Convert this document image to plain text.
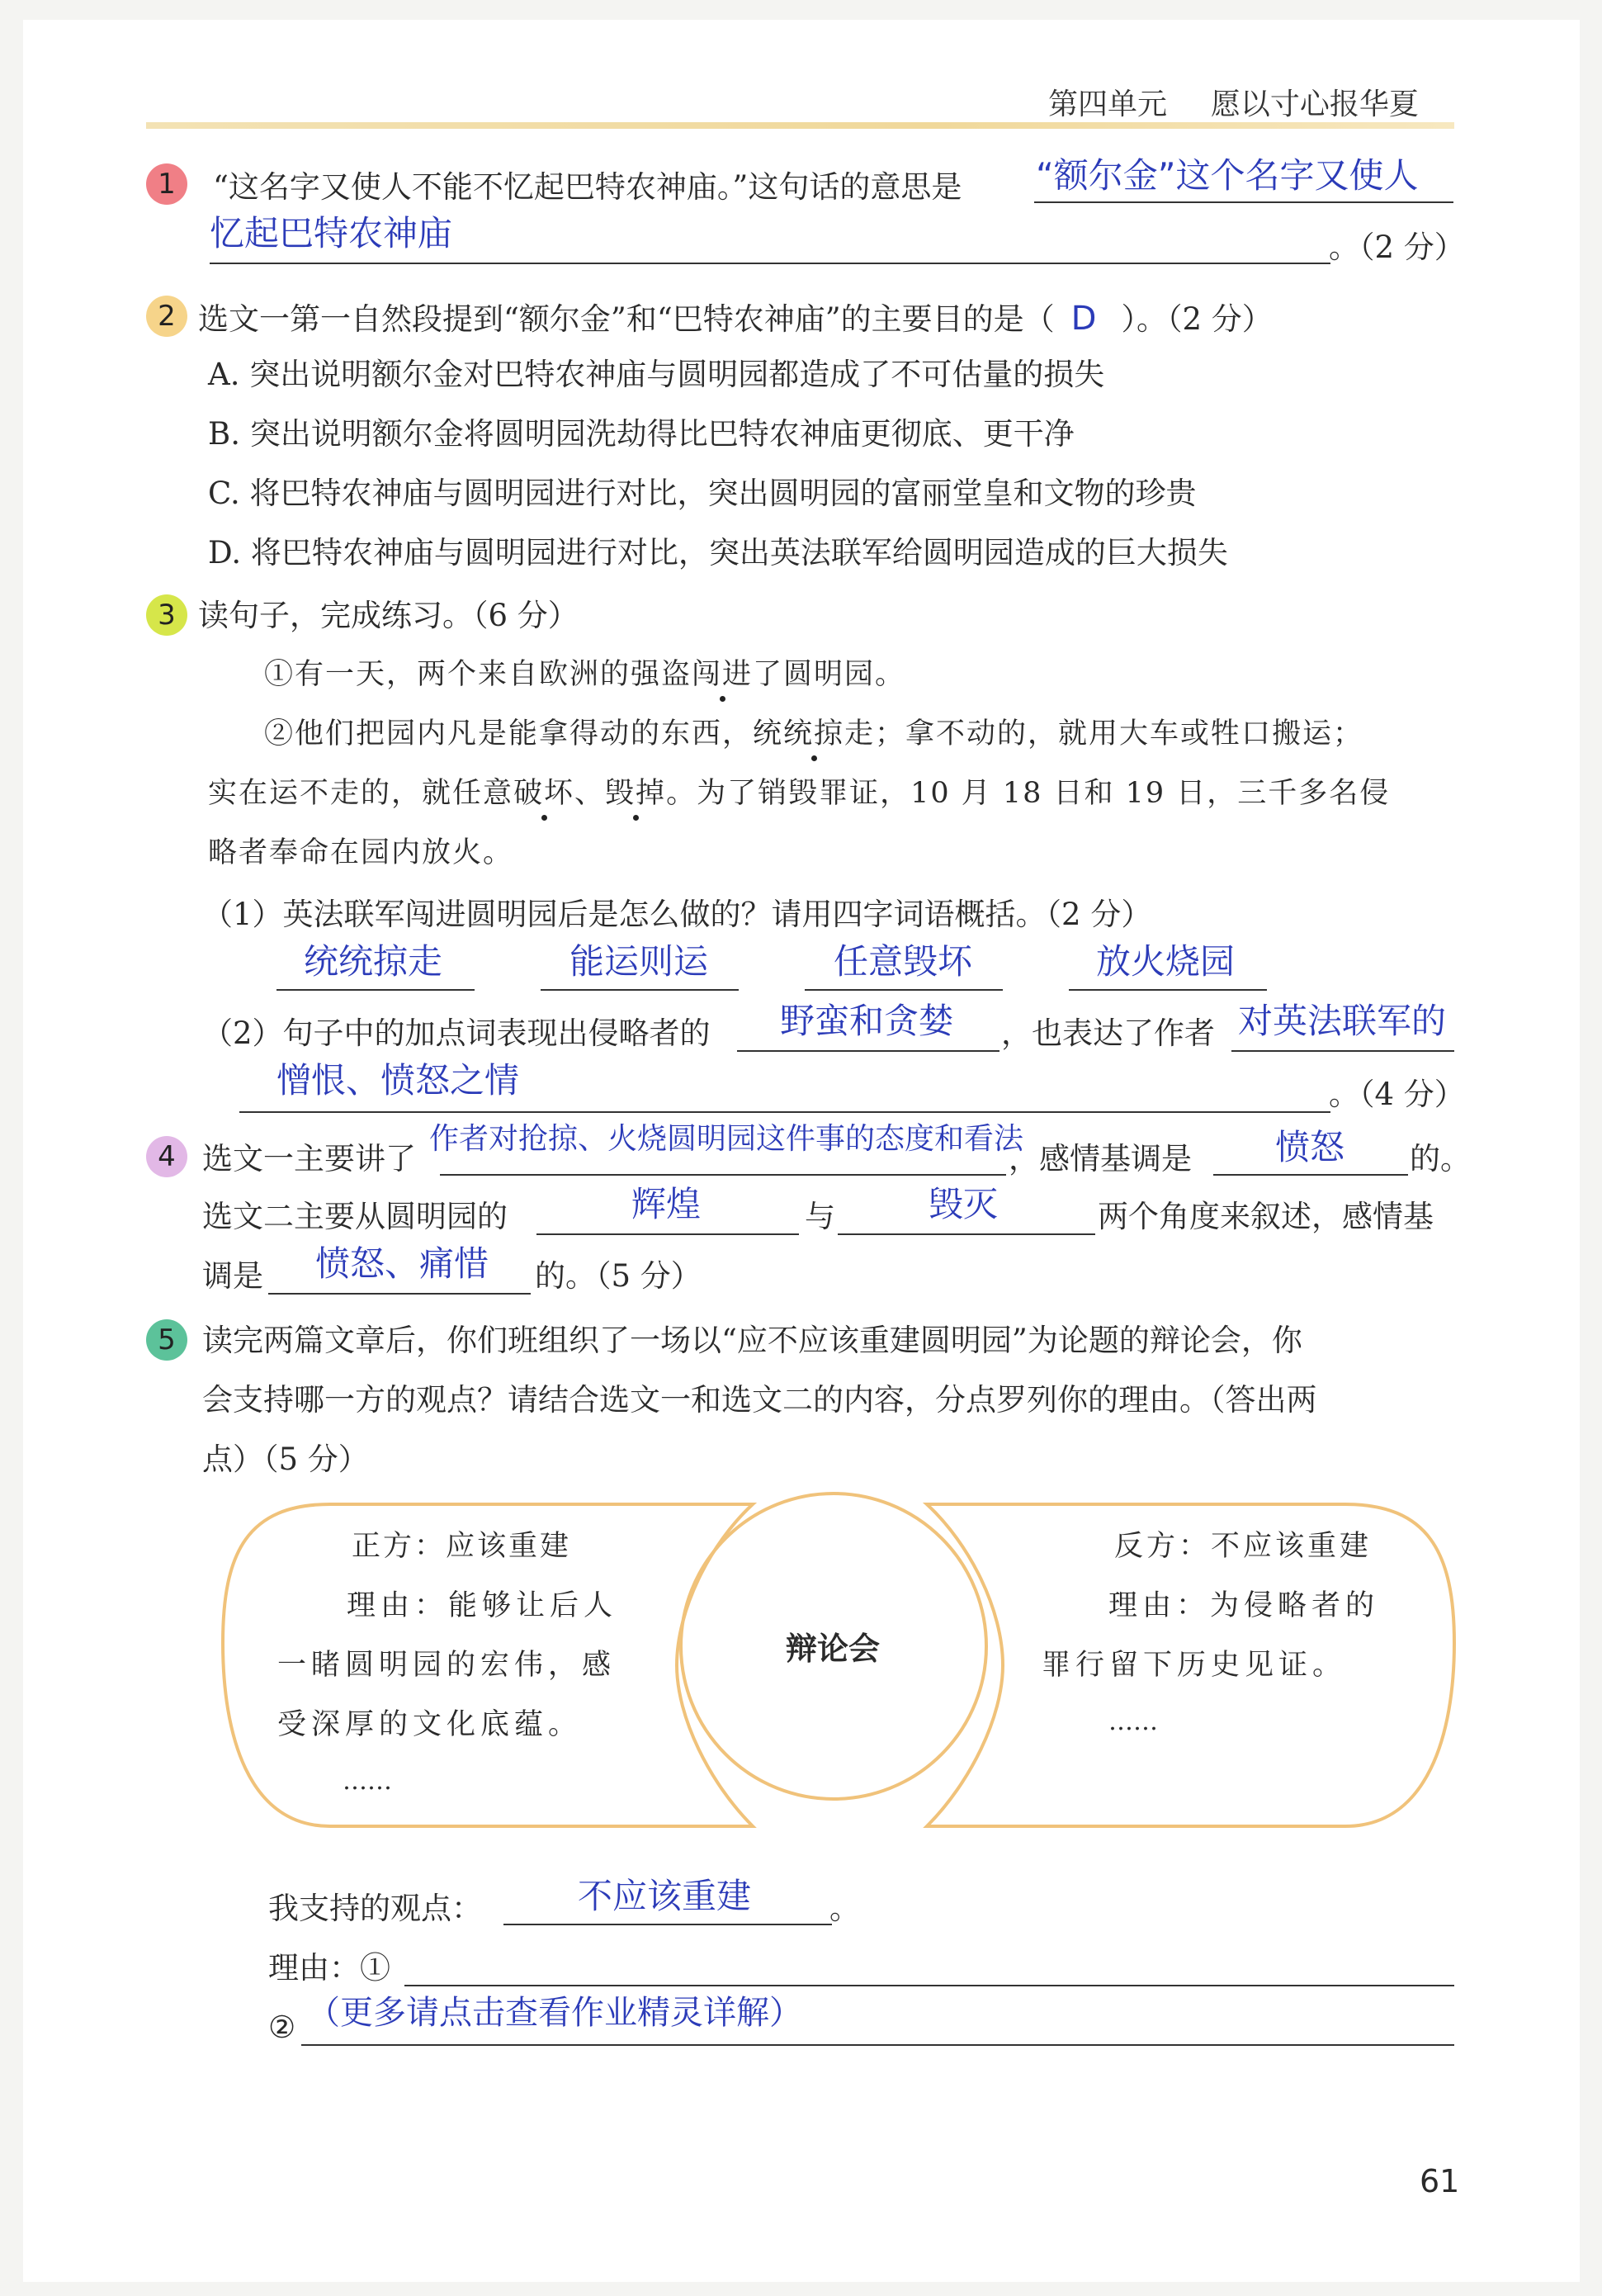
第四单元 愿以寸心报华夏
1	“这名字又使人不能不忆起巴特农神庙。”这句话的意思是 “额尔金”这个名字又使人
忆起巴特农神庙	。（2 分）
2 选文一第一自然段提到“额尔金”和“巴特农神庙”的主要目的是（ D ）。（2 分）
A. 突出说明额尔金对巴特农神庙与圆明园都造成了不可估量的损失
B. 突出说明额尔金将圆明园洗劫得比巴特农神庙更彻底、更干净
C. 将巴特农神庙与圆明园进行对比，突出圆明园的富丽堂皇和文物的珍贵
D. 将巴特农神庙与圆明园进行对比，突出英法联军给圆明园造成的巨大损失
3 读句子，完成练习。（6 分）
①有一天，两个来自欧洲的强盗闯进了圆明园。
②他们把园内凡是能拿得动的东西，统统掠走；拿不动的，就用大车或牲口搬运；
实在运不走的，就任意破坏、毁掉。为了销毁罪证，10 月 18 日和 19 日，三千多名侵
略者奉命在园内放火。
（1）英法联军闯进圆明园后是怎么做的？请用四字词语概括。（2 分）
统统掠走	能运则运	任意毁坏	放火烧园
（2）句子中的加点词表现出侵略者的 野蛮和贪婪 ，也表达了作者 对英法联军的
憎恨、愤怒之情	。（4 分）
4 选文一主要讲了
作者对抢掠、火烧圆明园这件事的态度和看法
，感情基调是 愤怒 的。
选文二主要从圆明园的	辉煌	与	毁灭	两个角度来叙述，感情基
调是 愤怒、痛惜 的。（5 分）
5 读完两篇文章后，你们班组织了一场以“应不应该重建圆明园”为论题的辩论会，你
会支持哪一方的观点？请结合选文一和选文二的内容，分点罗列你的理由。（答出两
点）（5 分）
辩论会
正方：应该重建
理由：能够让后人
一睹圆明园的宏伟，感
受深厚的文化底蕴。
……
反方：不应该重建
理由：为侵略者的
罪行留下历史见证。
……
我支持的观点：	不应该重建	。
理由：①
② （更多请点击查看作业精灵详解）
61
